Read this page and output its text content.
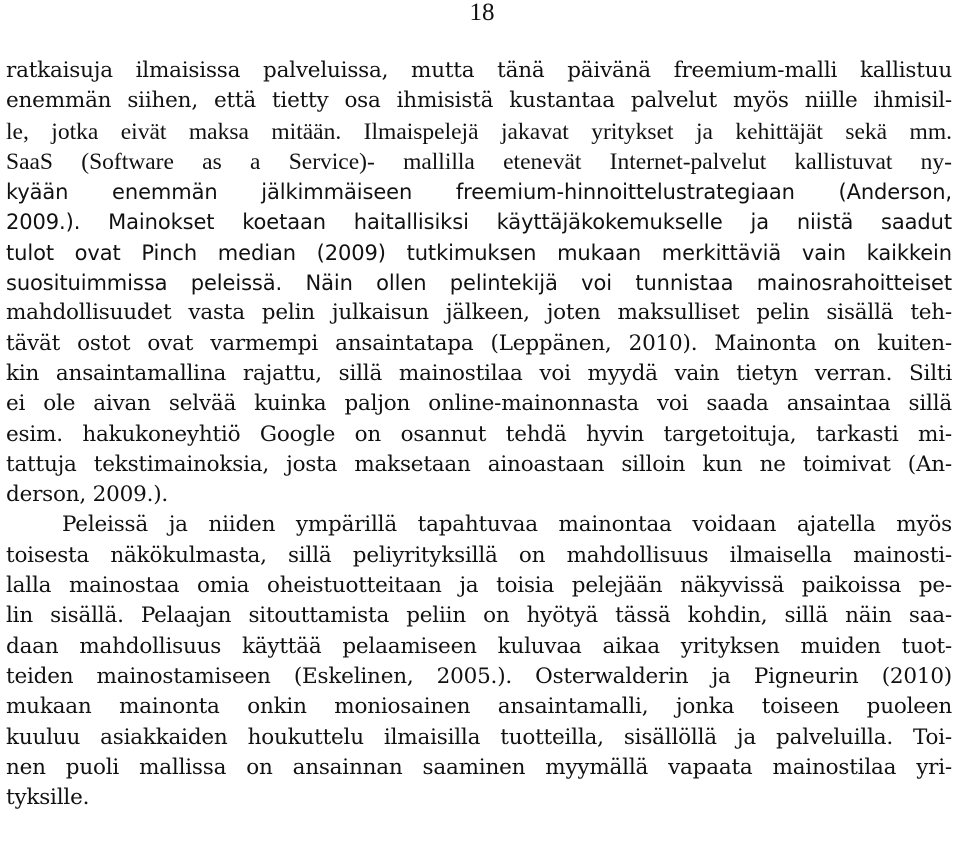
18
ratkaisuja ilmaisissa palveluissa, mutta tänä päivänä freemium-malli kallistuu
enemmän siihen, että tietty osa ihmisistä kustantaa palvelut myös niille ihmisil-
le, jotka eivät maksa mitään. Ilmaispelejä jakavat yritykset ja kehittäjät sekä mm.
SaaS (Software as a Service)- mallilla etenevät Internet-palvelut kallistuvat ny-
kyään enemmän jälkimmäiseen freemium-hinnoittelustrategiaan (Anderson,
2009.). Mainokset koetaan haitallisiksi käyttäjäkokemukselle ja niistä saadut
tulot ovat Pinch median (2009) tutkimuksen mukaan merkittäviä vain kaikkein
suosituimmissa peleissä. Näin ollen pelintekijä voi tunnistaa mainosrahoitteiset
mahdollisuudet vasta pelin julkaisun jälkeen, joten maksulliset pelin sisällä teh-
tävät ostot ovat varmempi ansaintatapa (Leppänen, 2010). Mainonta on kuiten-
kin ansaintamallina rajattu, sillä mainostilaa voi myydä vain tietyn verran. Silti
ei ole aivan selvää kuinka paljon online-mainonnasta voi saada ansaintaa sillä
esim. hakukoneyhtiö Google on osannut tehdä hyvin targetoituja, tarkasti mi-
tattuja tekstimainoksia, josta maksetaan ainoastaan silloin kun ne toimivat (An-
derson, 2009.).
Peleissä ja niiden ympärillä tapahtuvaa mainontaa voidaan ajatella myös
toisesta näkökulmasta, sillä peliyrityksillä on mahdollisuus ilmaisella mainosti-
lalla mainostaa omia oheistuotteitaan ja toisia pelejään näkyvissä paikoissa pe-
lin sisällä. Pelaajan sitouttamista peliin on hyötyä tässä kohdin, sillä näin saa-
daan mahdollisuus käyttää pelaamiseen kuluvaa aikaa yrityksen muiden tuot-
teiden mainostamiseen (Eskelinen, 2005.). Osterwalderin ja Pigneurin (2010)
mukaan mainonta onkin moniosainen ansaintamalli, jonka toiseen puoleen
kuuluu asiakkaiden houkuttelu ilmaisilla tuotteilla, sisällöllä ja palveluilla. Toi-
nen puoli mallissa on ansainnan saaminen myymällä vapaata mainostilaa yri-
tyksille.
